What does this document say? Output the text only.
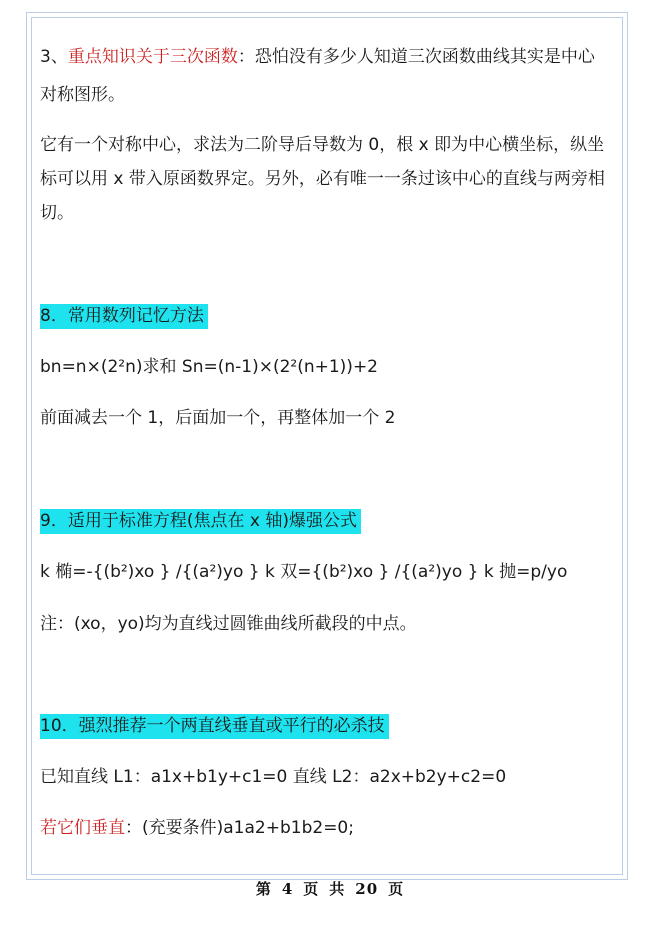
3、重点知识关于三次函数：恐怕没有多少人知道三次函数曲线其实是中心
对称图形。
它有一个对称中心，求法为二阶导后导数为 0，根 x 即为中心横坐标，纵坐
标可以用 x 带入原函数界定。另外，必有唯一一条过该中心的直线与两旁相
切。
8．常用数列记忆方法
bn=n×(2²n)求和 Sn=(n-1)×(2²(n+1))+2
前面减去一个 1，后面加一个，再整体加一个 2
9．适用于标准方程(焦点在 x 轴)爆强公式
k 椭=-{(b²)xo } /{(a²)yo } k 双={(b²)xo } /{(a²)yo } k 抛=p/yo
注：(xo，yo)均为直线过圆锥曲线所截段的中点。
10．强烈推荐一个两直线垂直或平行的必杀技
已知直线 L1：a1x+b1y+c1=0 直线 L2：a2x+b2y+c2=0
若它们垂直：(充要条件)a1a2+b1b2=0;
第 4 页 共 20 页
